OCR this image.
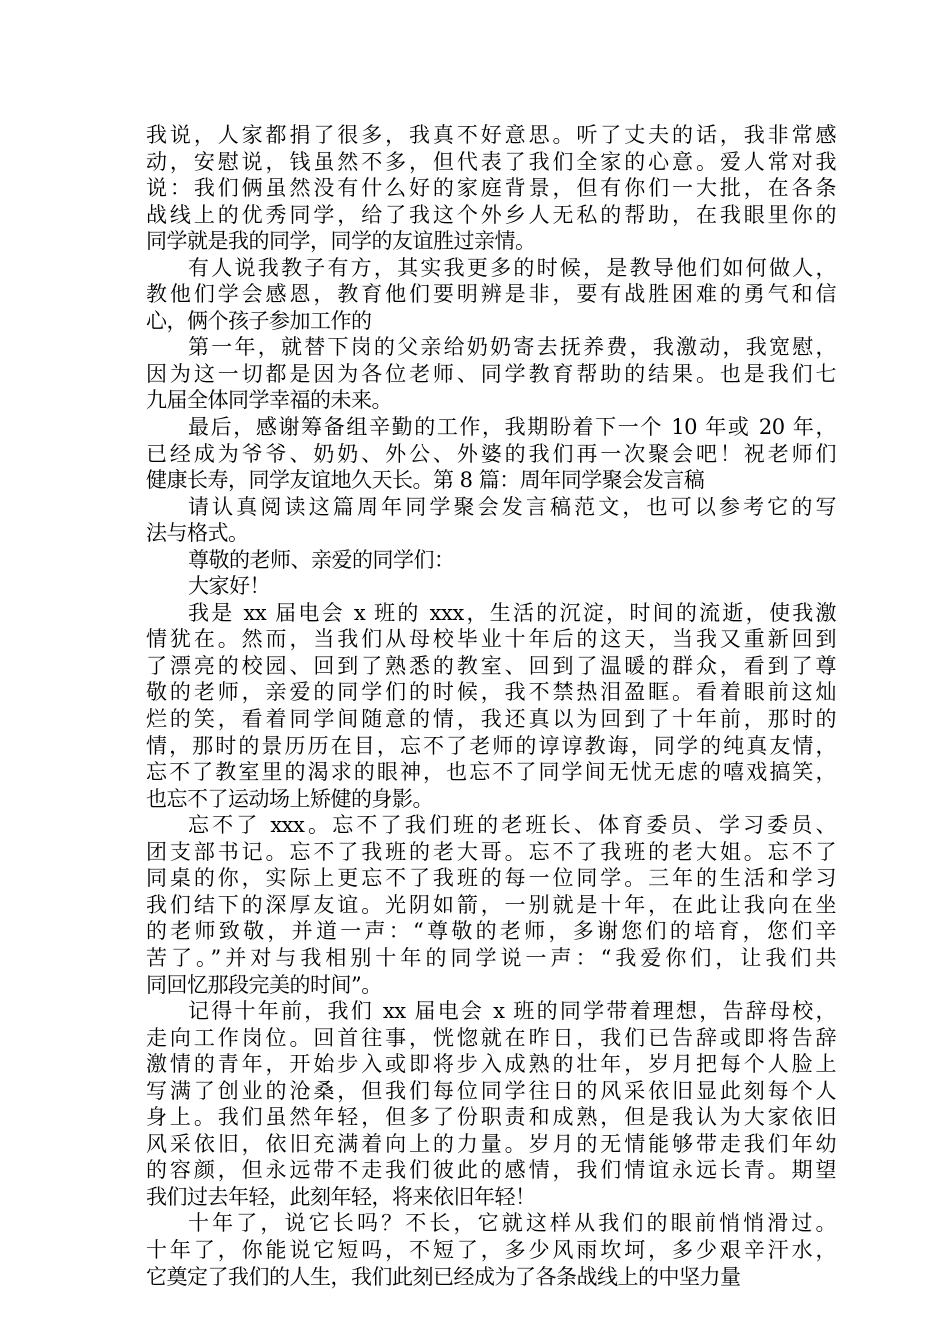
我说，人家都捐了很多，我真不好意思。听了丈夫的话，我非常感
动，安慰说，钱虽然不多，但代表了我们全家的心意。爱人常对我
说：我们俩虽然没有什么好的家庭背景，但有你们一大批，在各条
战线上的优秀同学，给了我这个外乡人无私的帮助，在我眼里你的
同学就是我的同学，同学的友谊胜过亲情。
有人说我教子有方，其实我更多的时候，是教导他们如何做人，
教他们学会感恩，教育他们要明辨是非，要有战胜困难的勇气和信
心，俩个孩子参加工作的
第一年，就替下岗的父亲给奶奶寄去抚养费，我激动，我宽慰，
因为这一切都是因为各位老师、同学教育帮助的结果。也是我们七
九届全体同学幸福的未来。
最后，感谢筹备组辛勤的工作，我期盼着下一个 10 年或 20 年，
已经成为爷爷、奶奶、外公、外婆的我们再一次聚会吧！祝老师们
健康长寿，同学友谊地久天长。第 8 篇：周年同学聚会发言稿
请认真阅读这篇周年同学聚会发言稿范文，也可以参考它的写
法与格式。
尊敬的老师、亲爱的同学们：
大家好！
我是 xx 届电会 x 班的 xxx，生活的沉淀，时间的流逝，使我激
情犹在。然而，当我们从母校毕业十年后的这天，当我又重新回到
了漂亮的校园、回到了熟悉的教室、回到了温暖的群众，看到了尊
敬的老师，亲爱的同学们的时候，我不禁热泪盈眶。看着眼前这灿
烂的笑，看着同学间随意的情，我还真以为回到了十年前，那时的
情，那时的景历历在目，忘不了老师的谆谆教诲，同学的纯真友情，
忘不了教室里的渴求的眼神，也忘不了同学间无忧无虑的嘻戏搞笑，
也忘不了运动场上矫健的身影。
忘不了 xxx。忘不了我们班的老班长、体育委员、学习委员、
团支部书记。忘不了我班的老大哥。忘不了我班的老大姐。忘不了
同桌的你，实际上更忘不了我班的每一位同学。三年的生活和学习
我们结下的深厚友谊。光阴如箭，一别就是十年，在此让我向在坐
的老师致敬，并道一声：“尊敬的老师，多谢您们的培育，您们辛
苦了。”并对与我相别十年的同学说一声：“我爱你们，让我们共
同回忆那段完美的时间”。
记得十年前，我们 xx 届电会 x 班的同学带着理想，告辞母校，
走向工作岗位。回首往事，恍惚就在昨日，我们已告辞或即将告辞
激情的青年，开始步入或即将步入成熟的壮年，岁月把每个人脸上
写满了创业的沧桑，但我们每位同学往日的风采依旧显此刻每个人
身上。我们虽然年轻，但多了份职责和成熟，但是我认为大家依旧
风采依旧，依旧充满着向上的力量。岁月的无情能够带走我们年幼
的容颜，但永远带不走我们彼此的感情，我们情谊永远长青。期望
我们过去年轻，此刻年轻，将来依旧年轻！
十年了，说它长吗？不长，它就这样从我们的眼前悄悄滑过。
十年了，你能说它短吗，不短了，多少风雨坎坷，多少艰辛汗水，
它奠定了我们的人生，我们此刻已经成为了各条战线上的中坚力量
